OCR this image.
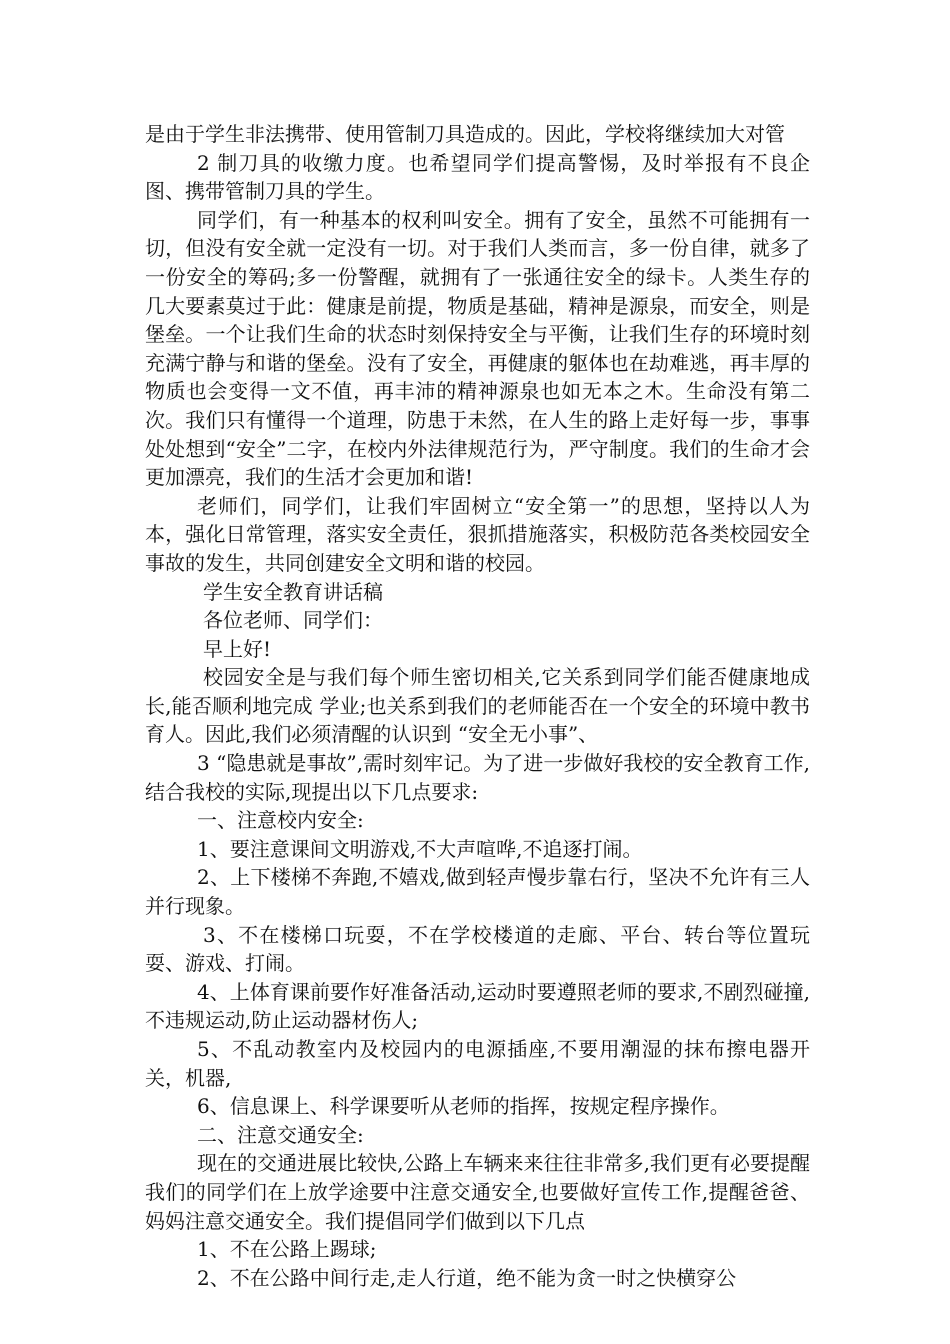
是由于学生非法携带、使用管制刀具造成的。因此，学校将继续加大对管

2 制刀具的收缴力度。也希望同学们提高警惕，及时举报有不良企图、携带管制刀具的学生。

同学们，有一种基本的权利叫安全。拥有了安全，虽然不可能拥有一切，但没有安全就一定没有一切。对于我们人类而言，多一份自律，就多了一份安全的筹码;多一份警醒，就拥有了一张通往安全的绿卡。人类生存的几大要素莫过于此：健康是前提，物质是基础，精神是源泉，而安全，则是堡垒。一个让我们生命的状态时刻保持安全与平衡，让我们生存的环境时刻充满宁静与和谐的堡垒。没有了安全，再健康的躯体也在劫难逃，再丰厚的物质也会变得一文不值，再丰沛的精神源泉也如无本之木。生命没有第二次。我们只有懂得一个道理，防患于未然，在人生的路上走好每一步，事事处处想到“安全”二字，在校内外法律规范行为，严守制度。我们的生命才会更加漂亮，我们的生活才会更加和谐!

老师们，同学们，让我们牢固树立“安全第一”的思想，坚持以人为本，强化日常管理，落实安全责任，狠抓措施落实，积极防范各类校园安全事故的发生，共同创建安全文明和谐的校园。

学生安全教育讲话稿

各位老师、同学们：

早上好!

校园安全是与我们每个师生密切相关,它关系到同学们能否健康地成长,能否顺利地完成 学业;也关系到我们的老师能否在一个安全的环境中教书育人。因此,我们必须清醒的认识到 “安全无小事”、

3 “隐患就是事故”,需时刻牢记。为了进一步做好我校的安全教育工作,结合我校的实际,现提出以下几点要求:

一、注意校内安全:

1、要注意课间文明游戏,不大声喧哗,不追逐打闹。

2、上下楼梯不奔跑,不嬉戏,做到轻声慢步靠右行，坚决不允许有三人并行现象。

3、不在楼梯口玩耍，不在学校楼道的走廊、平台、转台等位置玩耍、游戏、打闹。

4、上体育课前要作好准备活动,运动时要遵照老师的要求,不剧烈碰撞,不违规运动,防止运动器材伤人;

5、不乱动教室内及校园内的电源插座,不要用潮湿的抹布擦电器开关，机器,

6、信息课上、科学课要听从老师的指挥，按规定程序操作。

二、注意交通安全:

现在的交通进展比较快,公路上车辆来来往往非常多,我们更有必要提醒我们的同学们在上放学途要中注意交通安全,也要做好宣传工作,提醒爸爸、妈妈注意交通安全。我们提倡同学们做到以下几点

1、不在公路上踢球;

2、不在公路中间行走,走人行道，绝不能为贪一时之快横穿公
